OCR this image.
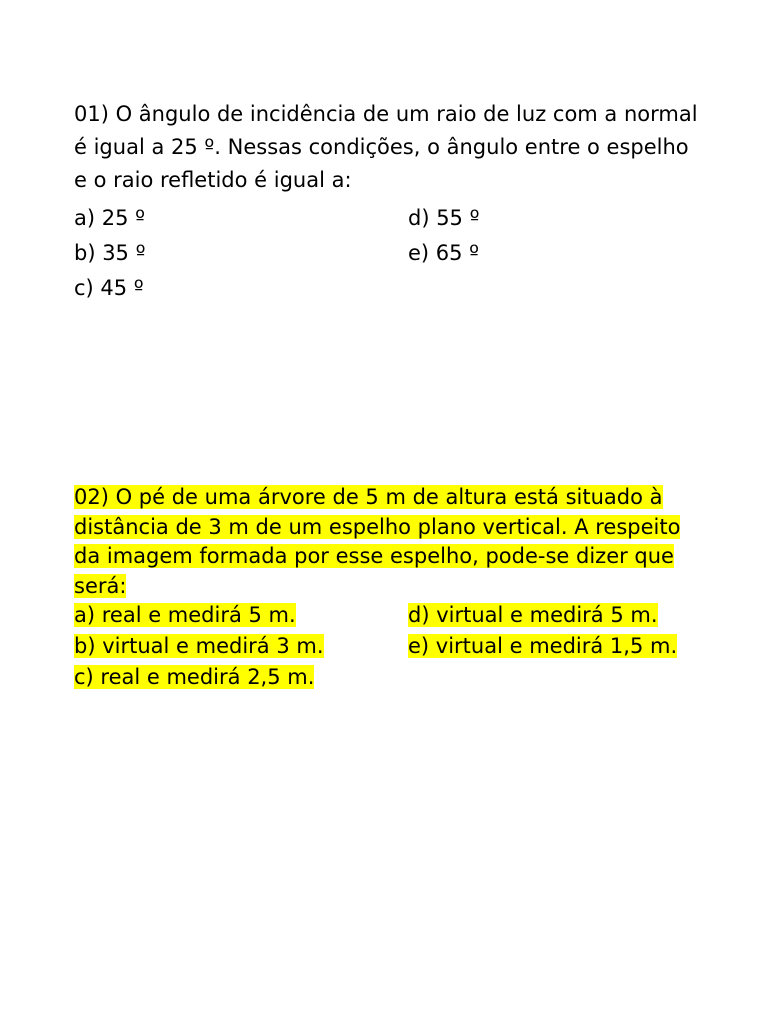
01) O ângulo de incidência de um raio de luz com a normal
é igual a 25 º. Nessas condições, o ângulo entre o espelho
e o raio refletido é igual a:

a) 25 º	d) 55 º
b) 35 º	e) 65 º
c) 45 º
02) O pé de uma árvore de 5 m de altura está situado à
distância de 3 m de um espelho plano vertical. A respeito
da imagem formada por esse espelho, pode-se dizer que
será:
a) real e medirá 5 m.	d) virtual e medirá 5 m.
b) virtual e medirá 3 m.	e) virtual e medirá 1,5 m.
c) real e medirá 2,5 m.
